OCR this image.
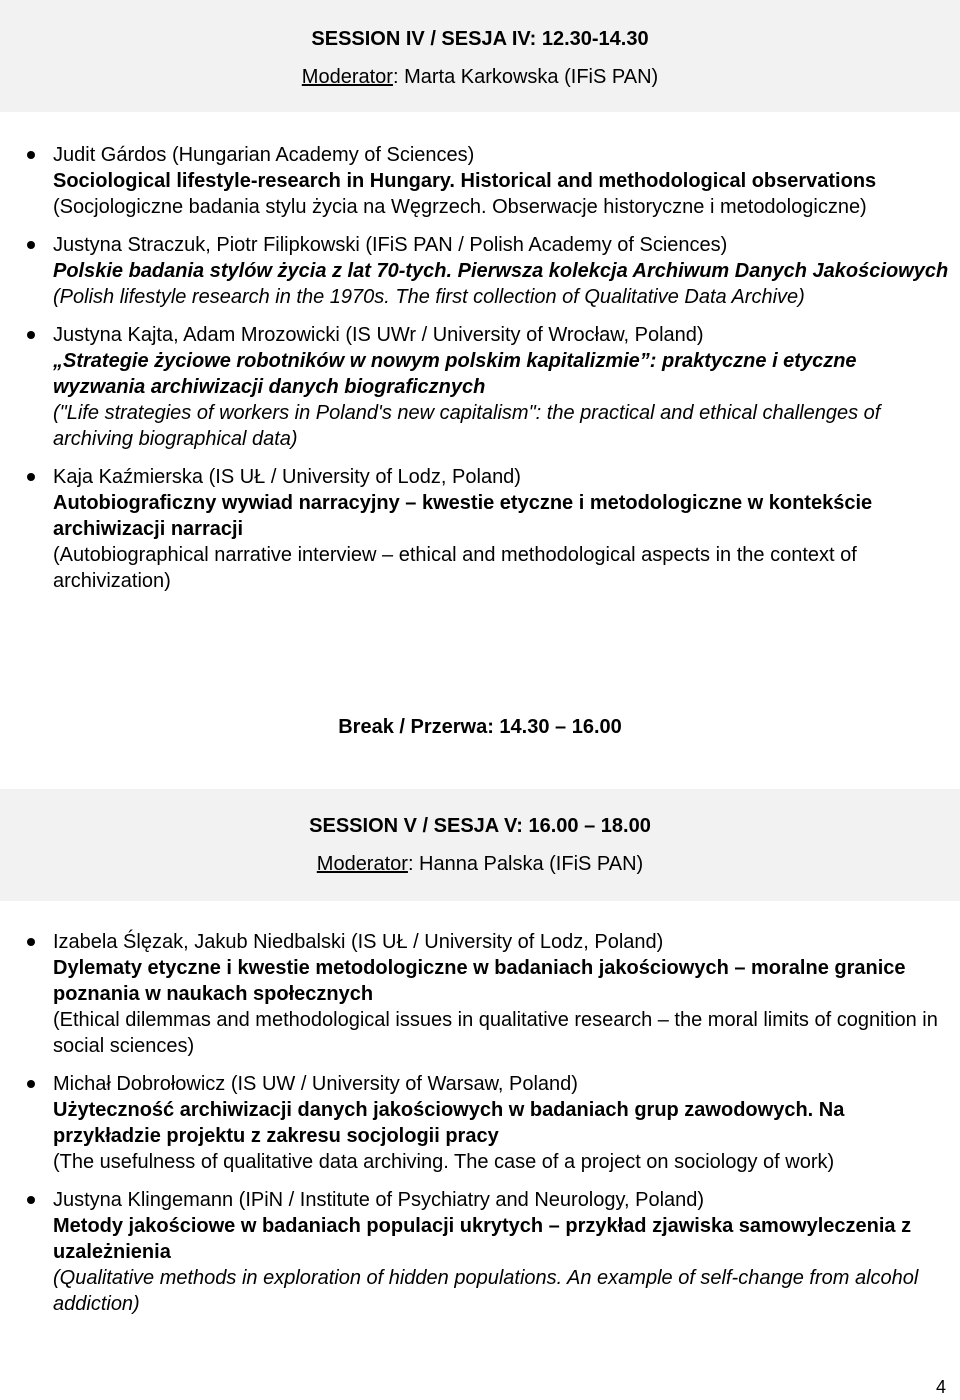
SESSION IV / SESJA IV: 12.30-14.30
Moderator: Marta Karkowska (IFiS PAN)
Judit Gárdos (Hungarian Academy of Sciences)
Sociological lifestyle-research in Hungary. Historical and methodological observations
(Socjologiczne badania stylu życia na Węgrzech. Obserwacje historyczne i metodologiczne)
Justyna Straczuk, Piotr Filipkowski (IFiS PAN / Polish Academy of Sciences)
Polskie badania stylów życia z lat 70-tych. Pierwsza kolekcja Archiwum Danych Jakościowych
(Polish lifestyle research in the 1970s. The first collection of Qualitative Data Archive)
Justyna Kajta, Adam Mrozowicki (IS UWr / University of Wrocław, Poland)
„Strategie życiowe robotników w nowym polskim kapitalizmie”: praktyczne i etyczne wyzwania archiwizacji danych biograficznych
("Life strategies of workers in Poland's new capitalism": the practical and ethical challenges of archiving biographical data)
Kaja Kaźmierska (IS UŁ / University of Lodz, Poland)
Autobiograficzny wywiad narracyjny – kwestie etyczne i metodologiczne w kontekście archiwizacji narracji
(Autobiographical narrative interview – ethical and methodological aspects in the context of archivization)
Break / Przerwa: 14.30 – 16.00
SESSION V / SESJA V: 16.00 – 18.00
Moderator: Hanna Palska (IFiS PAN)
Izabela Ślęzak, Jakub Niedbalski (IS UŁ / University of Lodz, Poland)
Dylematy etyczne i kwestie metodologiczne w badaniach jakościowych – moralne granice poznania w naukach społecznych
(Ethical dilemmas and methodological issues in qualitative research – the moral limits of cognition in social sciences)
Michał Dobrołowicz (IS UW / University of Warsaw, Poland)
Użyteczność archiwizacji danych jakościowych w badaniach grup zawodowych. Na przykładzie projektu z zakresu socjologii pracy
(The usefulness of qualitative data archiving. The case of a project on sociology of work)
Justyna Klingemann (IPiN / Institute of Psychiatry and Neurology, Poland)
Metody jakościowe w badaniach populacji ukrytych – przykład zjawiska samowyleczenia z uzależnienia
(Qualitative methods in exploration of hidden populations. An example of self-change from alcohol addiction)
4
